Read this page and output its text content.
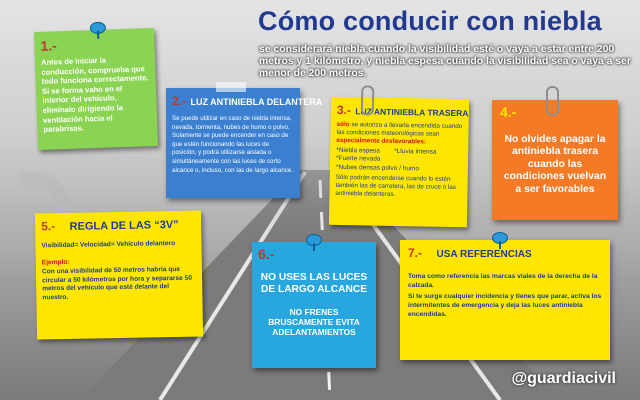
Cómo conducir con niebla
se considerará niebla cuando la visibilidad esté o vaya a estar entre 200 metros y 1 kilómetro, y niebla espesa cuando la visibilidad sea o vaya a ser menor de 200 metros.
1.-
Antes de iniciar la conducción, comprueba que todo funciona correctamente.
Si se forma vaho en el interior del vehículo, elimínalo dirigiendo la ventilación hacia el parabrisas.
2.- LUZ ANTINIEBLA DELANTERA
Se puede utilizar en caso de niebla intensa, nevada, tormenta, nubes de humo o polvo. Solamente se puede encender en caso de que estén funcionando las luces de posición, y podrá utilizarse aislada o simultáneamente con las luces de corto alcance o, incluso, con las de largo alcance.
3.- LUZ ANTINIEBLA TRASERA
sólo se autoriza a llevarla encendida cuando las condiciones meteorológicas sean especialmente desfavorables:
*Niebla espesa *Lluvia intensa
*Fuerte nevada
*Nubes densas polvo / humo
Sólo podrán encenderse cuando lo estén también las de carretera, las de cruce o las antiniebla delanteras.
4.-
No olvides apagar la antiniebla trasera cuando las condiciones vuelvan a ser favorables
5.- REGLA DE LAS “3V”
Visibilidad= Velocidad= Vehículo delantero
Ejemplo:
Con una visibilidad de 50 metros habría que circular a 50 kilómetros por hora y separarse 50 metros del vehículo que esté delante del nuestro.
6.-
NO USES LAS LUCES DE LARGO ALCANCE
NO FRENES BRUSCAMENTE EVITA ADELANTAMIENTOS
7.- USA REFERENCIAS
Toma como referencia las marcas viales de la derecha de la calzada.
Si te surge cualquier incidencia y tienes que parar, activa los intermitentes de emergencia y deja las luces antiniebla encendidas.
@guardiacivil
